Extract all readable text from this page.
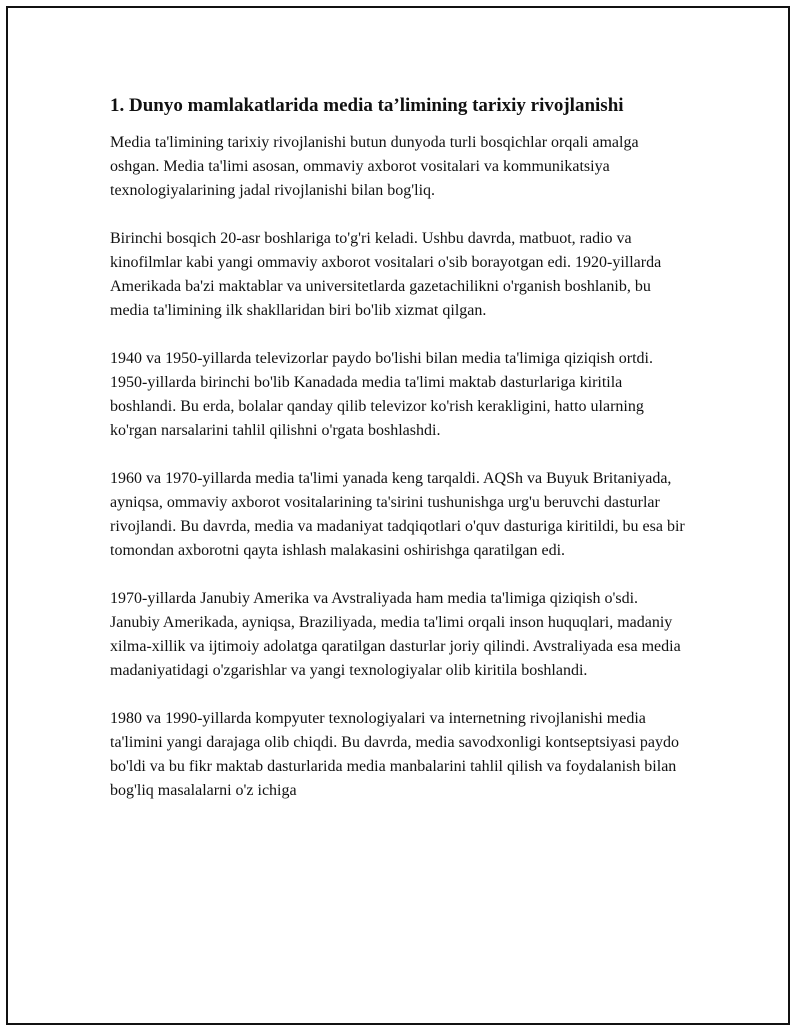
1. Dunyo mamlakatlarida media ta’limining tarixiy rivojlanishi

Media ta'limining tarixiy rivojlanishi butun dunyoda turli bosqichlar orqali amalga oshgan. Media ta'limi asosan, ommaviy axborot vositalari va kommunikatsiya texnologiyalarining jadal rivojlanishi bilan bog'liq.

Birinchi bosqich 20-asr boshlariga to'g'ri keladi. Ushbu davrda, matbuot, radio va kinofilmlar kabi yangi ommaviy axborot vositalari o'sib borayotgan edi. 1920-yillarda Amerikada ba'zi maktablar va universitetlarda gazetachilikni o'rganish boshlanib, bu media ta'limining ilk shakllaridan biri bo'lib xizmat qilgan.

1940 va 1950-yillarda televizorlar paydo bo'lishi bilan media ta'limiga qiziqish ortdi. 1950-yillarda birinchi bo'lib Kanadada media ta'limi maktab dasturlariga kiritila boshlandi. Bu erda, bolalar qanday qilib televizor ko'rish kerakligini, hatto ularning ko'rgan narsalarini tahlil qilishni o'rgata boshlashdi.

1960 va 1970-yillarda media ta'limi yanada keng tarqaldi. AQSh va Buyuk Britaniyada, ayniqsa, ommaviy axborot vositalarining ta'sirini tushunishga urg'u beruvchi dasturlar rivojlandi. Bu davrda, media va madaniyat tadqiqotlari o'quv dasturiga kiritildi, bu esa bir tomondan axborotni qayta ishlash malakasini oshirishga qaratilgan edi.

1970-yillarda Janubiy Amerika va Avstraliyada ham media ta'limiga qiziqish o'sdi. Janubiy Amerikada, ayniqsa, Braziliyada, media ta'limi orqali inson huquqlari, madaniy xilma-xillik va ijtimoiy adolatga qaratilgan dasturlar joriy qilindi. Avstraliyada esa media madaniyatidagi o'zgarishlar va yangi texnologiyalar olib kiritila boshlandi.

1980 va 1990-yillarda kompyuter texnologiyalari va internetning rivojlanishi media ta'limini yangi darajaga olib chiqdi. Bu davrda, media savodxonligi kontseptsiyasi paydo bo'ldi va bu fikr maktab dasturlarida media manbalarini tahlil qilish va foydalanish bilan bog'liq masalalarni o'z ichiga
